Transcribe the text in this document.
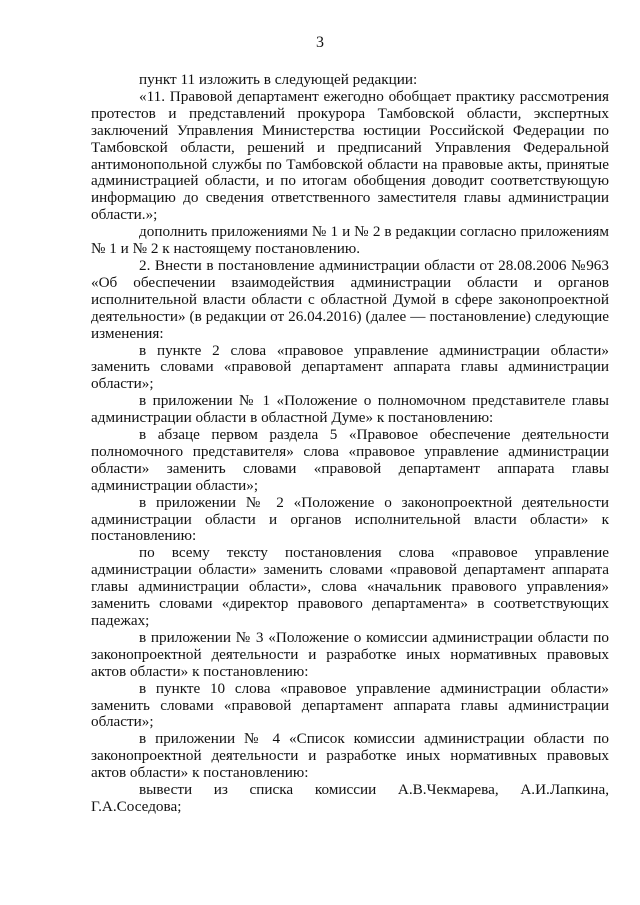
3

пункт 11 изложить в следующей редакции:

«11. Правовой департамент ежегодно обобщает практику рассмотрения протестов и представлений прокурора Тамбовской области, экспертных заключений Управления Министерства юстиции Российской Федерации по Тамбовской области, решений и предписаний Управления Федеральной антимонопольной службы по Тамбовской области на правовые акты, принятые администрацией области, и по итогам обобщения доводит соответствующую информацию до сведения ответственного заместителя главы администрации области.»;

дополнить приложениями № 1 и № 2 в редакции согласно приложениям № 1 и № 2 к настоящему постановлению.

2. Внести в постановление администрации области от 28.08.2006 №963 «Об обеспечении взаимодействия администрации области и органов исполнительной власти области с областной Думой в сфере законопроектной деятельности» (в редакции от 26.04.2016) (далее — постановление) следующие изменения:

в пункте 2 слова «правовое управление администрации области» заменить словами «правовой департамент аппарата главы администрации области»;

в приложении № 1 «Положение о полномочном представителе главы администрации области в областной Думе» к постановлению:

в абзаце первом раздела 5 «Правовое обеспечение деятельности полномочного представителя» слова «правовое управление администрации области» заменить словами «правовой департамент аппарата главы администрации области»;

в приложении № 2 «Положение о законопроектной деятельности администрации области и органов исполнительной власти области» к постановлению:

по всему тексту постановления слова «правовое управление администрации области» заменить словами «правовой департамент аппарата главы администрации области», слова «начальник правового управления» заменить словами «директор правового департамента» в соответствующих падежах;

в приложении № 3 «Положение о комиссии администрации области по законопроектной деятельности и разработке иных нормативных правовых актов области» к постановлению:

в пункте 10 слова «правовое управление администрации области» заменить словами «правовой департамент аппарата главы администрации области»;

в приложении № 4 «Список комиссии администрации области по законопроектной деятельности и разработке иных нормативных правовых актов области» к постановлению:

вывести из списка комиссии А.В.Чекмарева, А.И.Лапкина, Г.А.Соседова;
